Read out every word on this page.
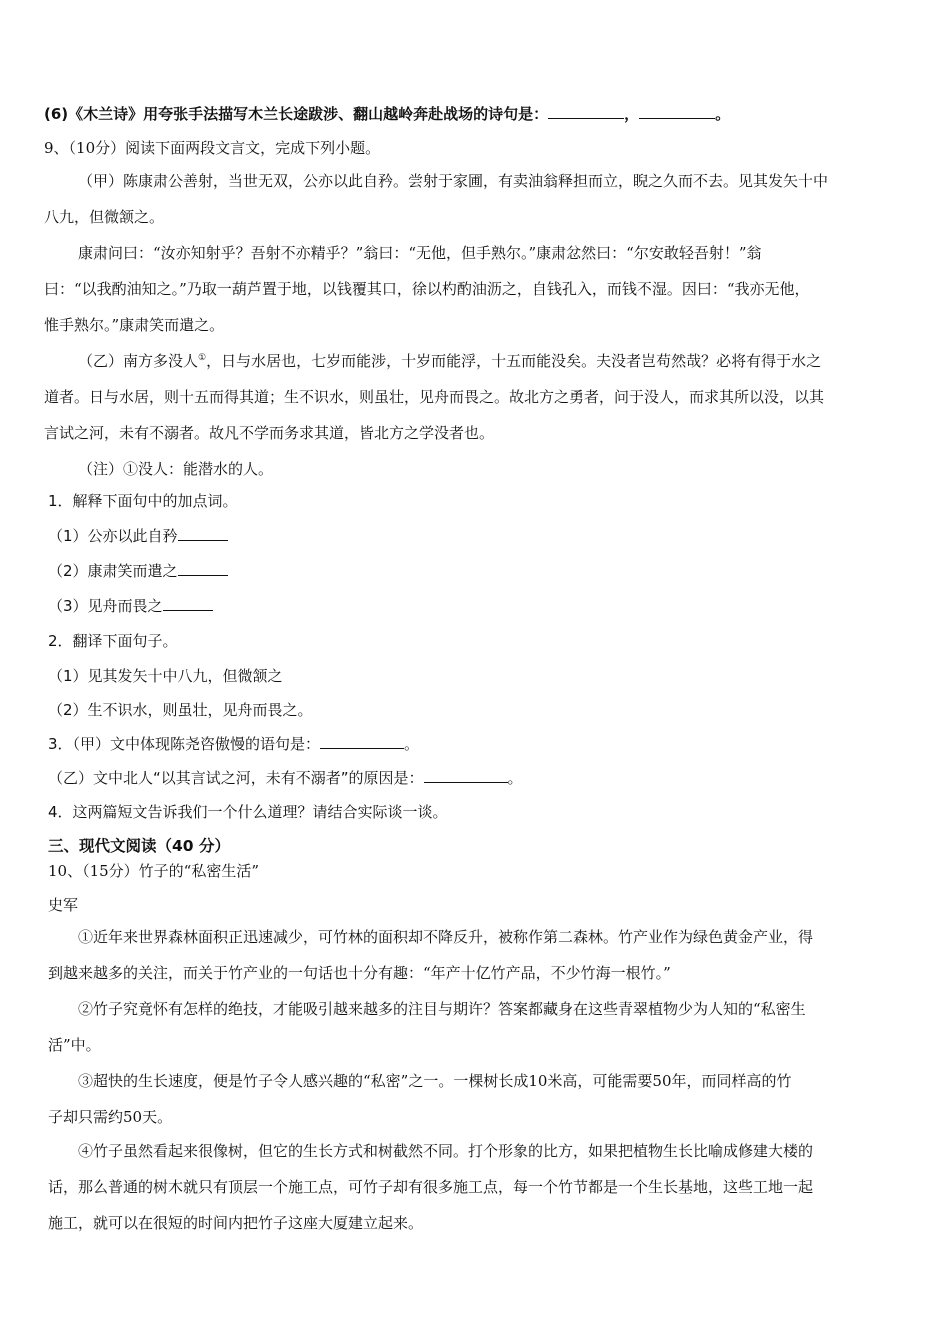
(6)《木兰诗》用夸张手法描写木兰长途跋涉、翻山越岭奔赴战场的诗句是：	，	。
9、（10分）阅读下面两段文言文，完成下列小题。
（甲）陈康肃公善射，当世无双，公亦以此自矜。尝射于家圃，有卖油翁释担而立，睨之久而不去。见其发矢十中
八九，但微颔之。
康肃问曰：“汝亦知射乎？吾射不亦精乎？”翁曰：“无他，但手熟尔。”康肃忿然曰：“尔安敢轻吾射！”翁
曰：“以我酌油知之。”乃取一葫芦置于地，以钱覆其口，徐以杓酌油沥之，自钱孔入，而钱不湿。因曰：“我亦无他，
惟手熟尔。”康肃笑而遣之。
（乙）南方多没人①，日与水居也，七岁而能涉，十岁而能浮，十五而能没矣。夫没者岂苟然哉？必将有得于水之
道者。日与水居，则十五而得其道；生不识水，则虽壮，见舟而畏之。故北方之勇者，问于没人，而求其所以没，以其
言试之河，未有不溺者。故凡不学而务求其道，皆北方之学没者也。
（注）①没人：能潜水的人。
1．解释下面句中的加点词。
（1）公亦以此自矜
（2）康肃笑而遣之
（3）见舟而畏之
2．翻译下面句子。
（1）见其发矢十中八九，但微颔之
（2）生不识水，则虽壮，见舟而畏之。
3．（甲）文中体现陈尧咨傲慢的语句是：	。
（乙）文中北人“以其言试之河，未有不溺者”的原因是：	。
4．这两篇短文告诉我们一个什么道理？请结合实际谈一谈。
三、现代文阅读（40 分）
10、（15分）竹子的“私密生活”
史军
①近年来世界森林面积正迅速减少，可竹林的面积却不降反升，被称作第二森林。竹产业作为绿色黄金产业，得
到越来越多的关注，而关于竹产业的一句话也十分有趣：“年产十亿竹产品，不少竹海一根竹。”
②竹子究竟怀有怎样的绝技，才能吸引越来越多的注目与期许？答案都藏身在这些青翠植物少为人知的“私密生
活”中。
③超快的生长速度，便是竹子令人感兴趣的“私密”之一。一棵树长成10米高，可能需要50年，而同样高的竹
子却只需约50天。
④竹子虽然看起来很像树，但它的生长方式和树截然不同。打个形象的比方，如果把植物生长比喻成修建大楼的
话，那么普通的树木就只有顶层一个施工点，可竹子却有很多施工点，每一个竹节都是一个生长基地，这些工地一起
施工，就可以在很短的时间内把竹子这座大厦建立起来。
